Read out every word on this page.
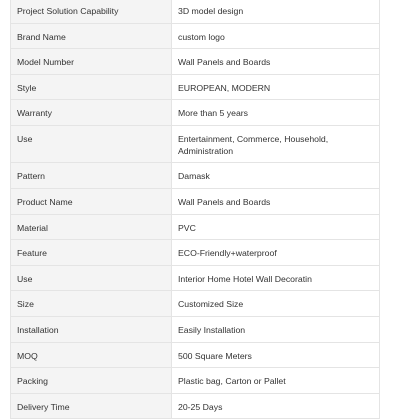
Project Solution Capability	3D model design

Brand Name	custom logo

Model Number	Wall Panels and Boards

Style	EUROPEAN, MODERN

Warranty	More than 5 years

Use	Entertainment, Commerce, Household, Administration

Pattern	Damask

Product Name	Wall Panels and Boards

Material	PVC

Feature	ECO-Friendly+waterproof

Use	Interior Home Hotel Wall Decoratin

Size	Customized Size

Installation	Easily Installation

MOQ	500 Square Meters

Packing	Plastic bag, Carton or Pallet

Delivery Time	20-25 Days
